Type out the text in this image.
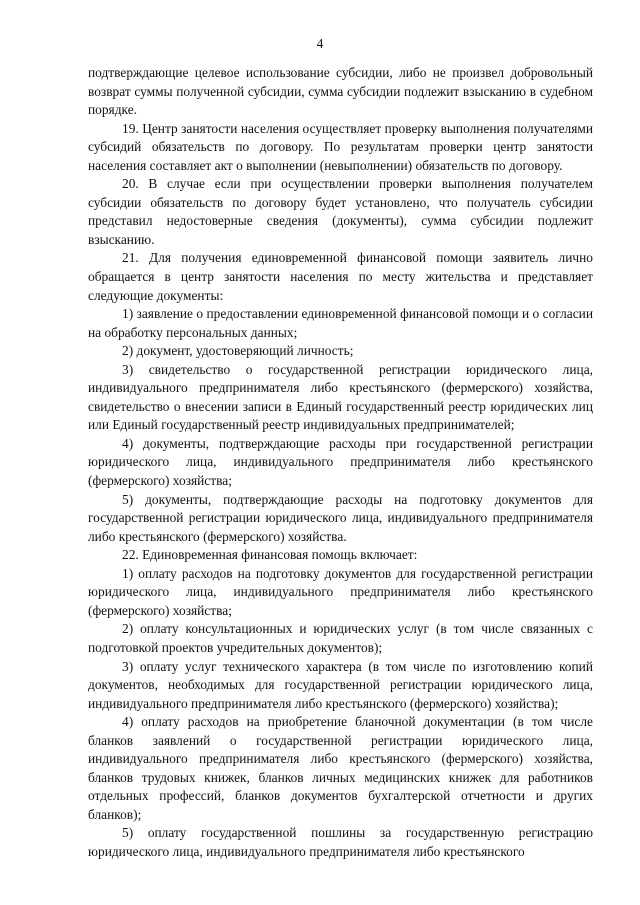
4

подтверждающие целевое использование субсидии, либо не произвел добровольный возврат суммы полученной субсидии, сумма субсидии подлежит взысканию в судебном порядке.

19. Центр занятости населения осуществляет проверку выполнения получателями субсидий обязательств по договору. По результатам проверки центр занятости населения составляет акт о выполнении (невыполнении) обязательств по договору.

20. В случае если при осуществлении проверки выполнения получателем субсидии обязательств по договору будет установлено, что получатель субсидии представил недостоверные сведения (документы), сумма субсидии подлежит взысканию.

21. Для получения единовременной финансовой помощи заявитель лично обращается в центр занятости населения по месту жительства и представляет следующие документы:

1) заявление о предоставлении единовременной финансовой помощи и о согласии на обработку персональных данных;

2) документ, удостоверяющий личность;

3) свидетельство о государственной регистрации юридического лица, индивидуального предпринимателя либо крестьянского (фермерского) хозяйства, свидетельство о внесении записи в Единый государственный реестр юридических лиц или Единый государственный реестр индивидуальных предпринимателей;

4) документы, подтверждающие расходы при государственной регистрации юридического лица, индивидуального предпринимателя либо крестьянского (фермерского) хозяйства;

5) документы, подтверждающие расходы на подготовку документов для государственной регистрации юридического лица, индивидуального предпринимателя либо крестьянского (фермерского) хозяйства.

22. Единовременная финансовая помощь включает:

1) оплату расходов на подготовку документов для государственной регистрации юридического лица, индивидуального предпринимателя либо крестьянского (фермерского) хозяйства;

2) оплату консультационных и юридических услуг (в том числе связанных с подготовкой проектов учредительных документов);

3) оплату услуг технического характера (в том числе по изготовлению копий документов, необходимых для государственной регистрации юридического лица, индивидуального предпринимателя либо крестьянского (фермерского) хозяйства);

4) оплату расходов на приобретение бланочной документации (в том числе бланков заявлений о государственной регистрации юридического лица, индивидуального предпринимателя либо крестьянского (фермерского) хозяйства, бланков трудовых книжек, бланков личных медицинских книжек для работников отдельных профессий, бланков документов бухгалтерской отчетности и других бланков);

5) оплату государственной пошлины за государственную регистрацию юридического лица, индивидуального предпринимателя либо крестьянского
